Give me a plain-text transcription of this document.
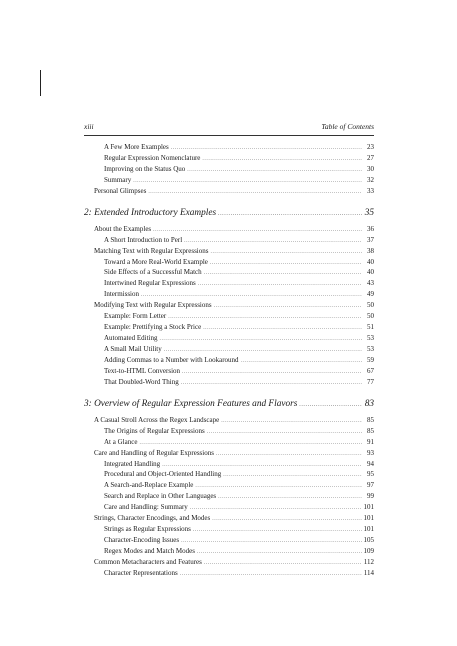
xiii	Table of Contents
A Few More Examples .....	23
Regular Expression Nomenclature .....	27
Improving on the Status Quo .....	30
Summary .....	32
Personal Glimpses .....	33
2: Extended Introductory Examples .....	35
About the Examples .....	36
A Short Introduction to Perl .....	37
Matching Text with Regular Expressions .....	38
Toward a More Real-World Example .....	40
Side Effects of a Successful Match .....	40
Intertwined Regular Expressions .....	43
Intermission .....	49
Modifying Text with Regular Expressions .....	50
Example: Form Letter .....	50
Example: Prettifying a Stock Price .....	51
Automated Editing .....	53
A Small Mail Utility .....	53
Adding Commas to a Number with Lookaround .....	59
Text-to-HTML Conversion .....	67
That Doubled-Word Thing .....	77
3: Overview of Regular Expression Features and Flavors .....	83
A Casual Stroll Across the Regex Landscape .....	85
The Origins of Regular Expressions .....	85
At a Glance .....	91
Care and Handling of Regular Expressions .....	93
Integrated Handling .....	94
Procedural and Object-Oriented Handling .....	95
A Search-and-Replace Example .....	97
Search and Replace in Other Languages .....	99
Care and Handling: Summary .....	101
Strings, Character Encodings, and Modes .....	101
Strings as Regular Expressions .....	101
Character-Encoding Issues .....	105
Regex Modes and Match Modes .....	109
Common Metacharacters and Features .....	112
Character Representations .....	114
